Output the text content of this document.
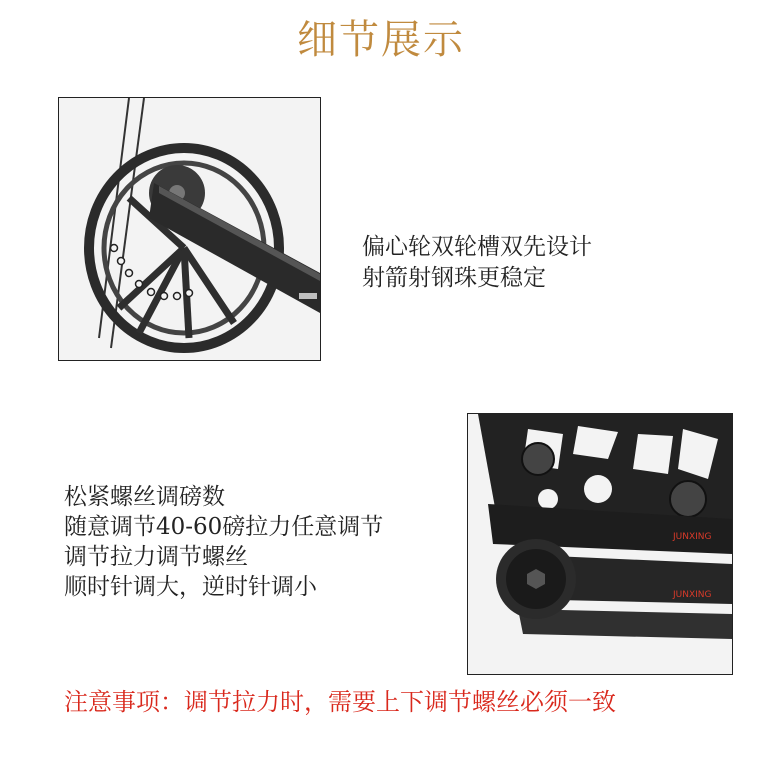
细节展示
偏心轮双轮槽双先设计
射箭射钢珠更稳定
JUNXING
JUNXING
松紧螺丝调磅数
随意调节40-60磅拉力任意调节
调节拉力调节螺丝
顺时针调大，逆时针调小
注意事项：调节拉力时，需要上下调节螺丝必须一致
